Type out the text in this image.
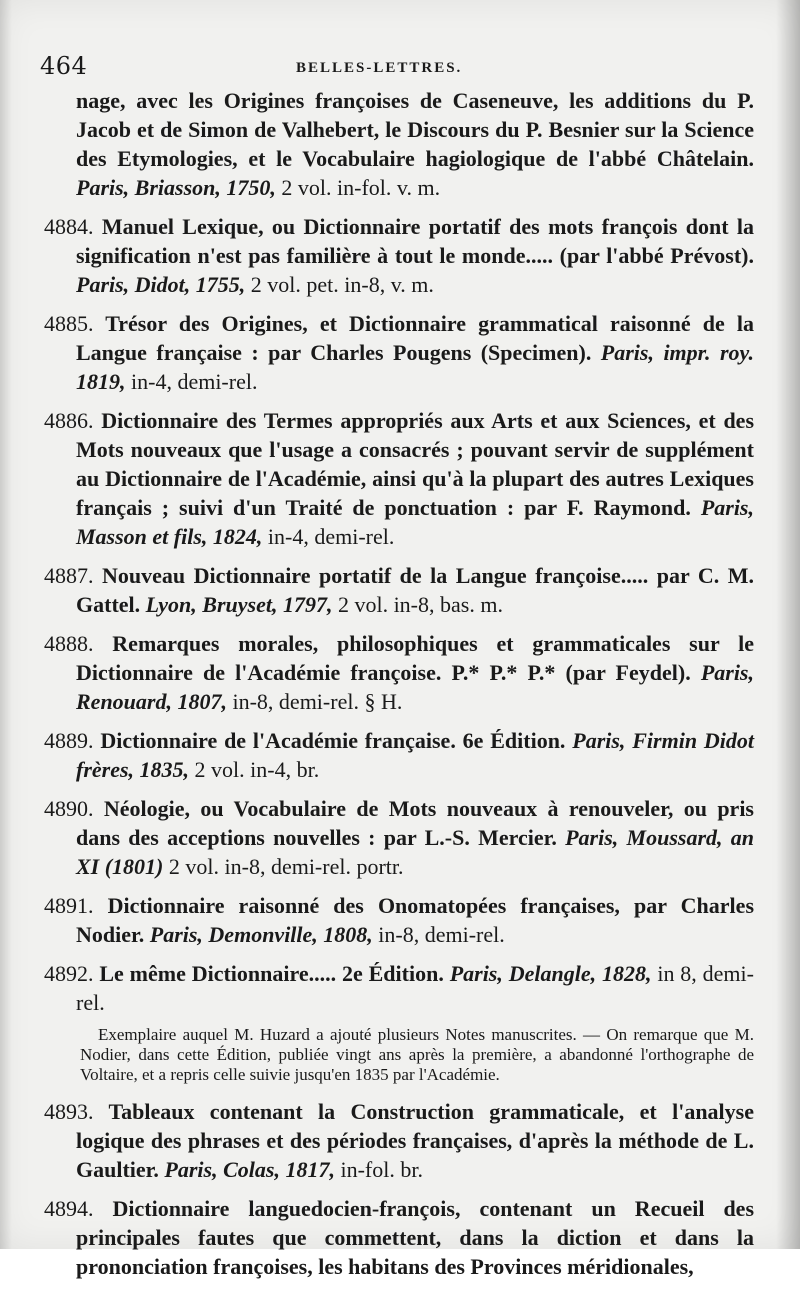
464	BELLES-LETTRES.

nage, avec les Origines françoises de Caseneuve, les additions du P. Jacob et de Simon de Valhebert, le Discours du P. Besnier sur la Science des Etymologies, et le Vocabulaire hagiologique de l'abbé Châtelain. Paris, Briasson, 1750, 2 vol. in-fol. v. m.

4884. Manuel Lexique, ou Dictionnaire portatif des mots françois dont la signification n'est pas familière à tout le monde..... (par l'abbé Prévost). Paris, Didot, 1755, 2 vol. pet. in-8, v. m.

4885. Trésor des Origines, et Dictionnaire grammatical raisonné de la Langue française : par Charles Pougens (Specimen). Paris, impr. roy. 1819, in-4, demi-rel.

4886. Dictionnaire des Termes appropriés aux Arts et aux Sciences, et des Mots nouveaux que l'usage a consacrés ; pouvant servir de supplément au Dictionnaire de l'Académie, ainsi qu'à la plupart des autres Lexiques français ; suivi d'un Traité de ponctuation : par F. Raymond. Paris, Masson et fils, 1824, in-4, demi-rel.

4887. Nouveau Dictionnaire portatif de la Langue françoise..... par C. M. Gattel. Lyon, Bruyset, 1797, 2 vol. in-8, bas. m.

4888. Remarques morales, philosophiques et grammaticales sur le Dictionnaire de l'Académie françoise. P.* P.* P.* (par Feydel). Paris, Renouard, 1807, in-8, demi-rel. § H.

4889. Dictionnaire de l'Académie française. 6e Édition. Paris, Firmin Didot frères, 1835, 2 vol. in-4, br.

4890. Néologie, ou Vocabulaire de Mots nouveaux à renouveler, ou pris dans des acceptions nouvelles : par L.-S. Mercier. Paris, Moussard, an XI (1801) 2 vol. in-8, demi-rel. portr.

4891. Dictionnaire raisonné des Onomatopées françaises, par Charles Nodier. Paris, Demonville, 1808, in-8, demi-rel.

4892. Le même Dictionnaire..... 2e Édition. Paris, Delangle, 1828, in 8, demi-rel.

Exemplaire auquel M. Huzard a ajouté plusieurs Notes manuscrites. — On remarque que M. Nodier, dans cette Édition, publiée vingt ans après la première, a abandonné l'orthographe de Voltaire, et a repris celle suivie jusqu'en 1835 par l'Académie.

4893. Tableaux contenant la Construction grammaticale, et l'analyse logique des phrases et des périodes françaises, d'après la méthode de L. Gaultier. Paris, Colas, 1817, in-fol. br.

4894. Dictionnaire languedocien-françois, contenant un Recueil des principales fautes que commettent, dans la diction et dans la prononciation françoises, les habitans des Provinces méridionales,
